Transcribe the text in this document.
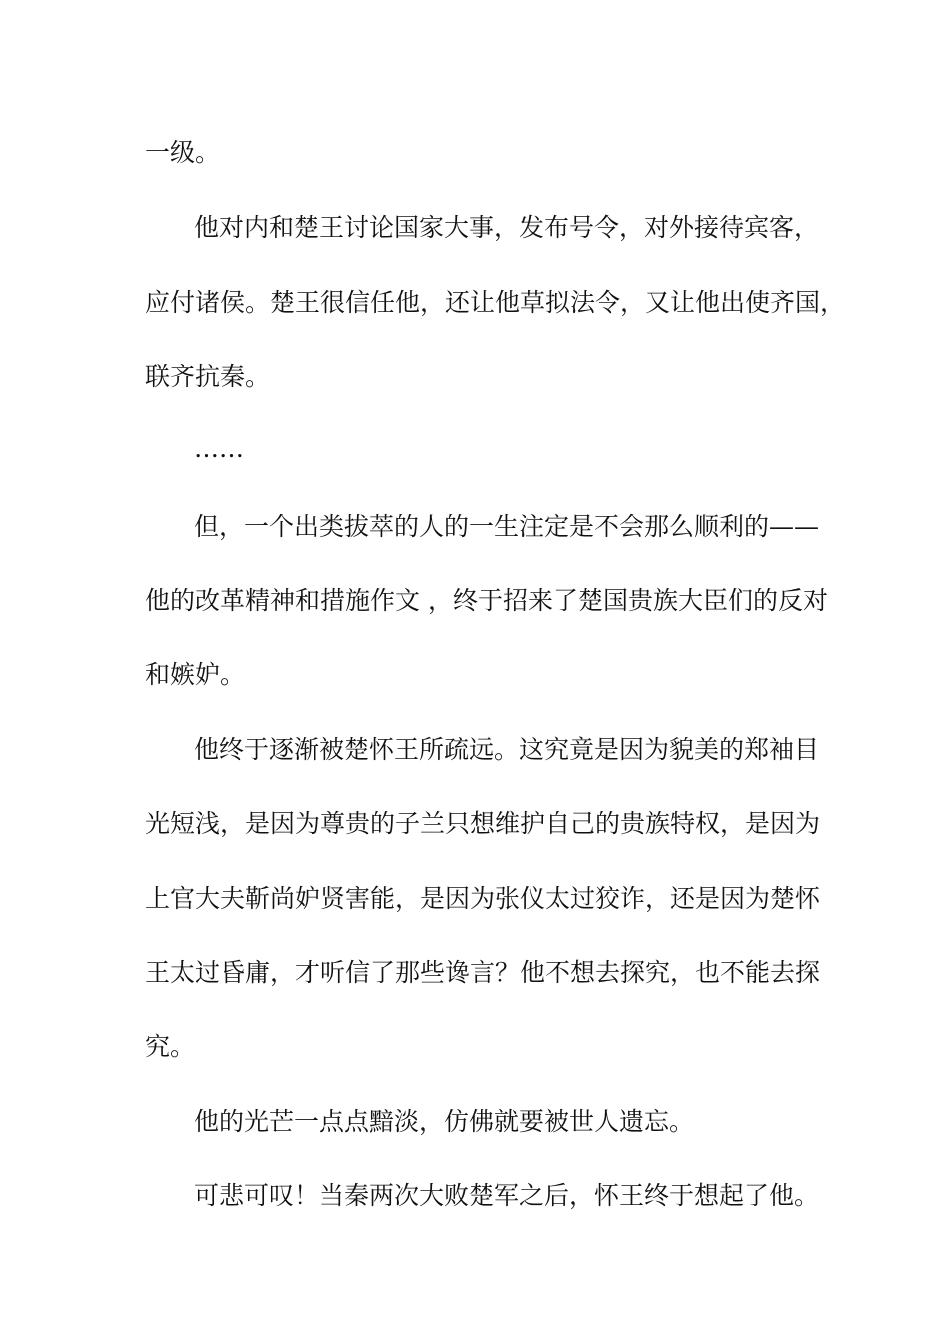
一级。

他对内和楚王讨论国家大事，发布号令，对外接待宾客，

应付诸侯。楚王很信任他，还让他草拟法令，又让他出使齐国，

联齐抗秦。

……

但，一个出类拔萃的人的一生注定是不会那么顺利的——

他的改革精神和措施作文 ，终于招来了楚国贵族大臣们的反对

和嫉妒。

他终于逐渐被楚怀王所疏远。这究竟是因为貌美的郑袖目

光短浅，是因为尊贵的子兰只想维护自己的贵族特权，是因为

上官大夫靳尚妒贤害能，是因为张仪太过狡诈，还是因为楚怀

王太过昏庸，才听信了那些谗言？他不想去探究，也不能去探

究。

他的光芒一点点黯淡，仿佛就要被世人遗忘。

可悲可叹！当秦两次大败楚军之后，怀王终于想起了他。
